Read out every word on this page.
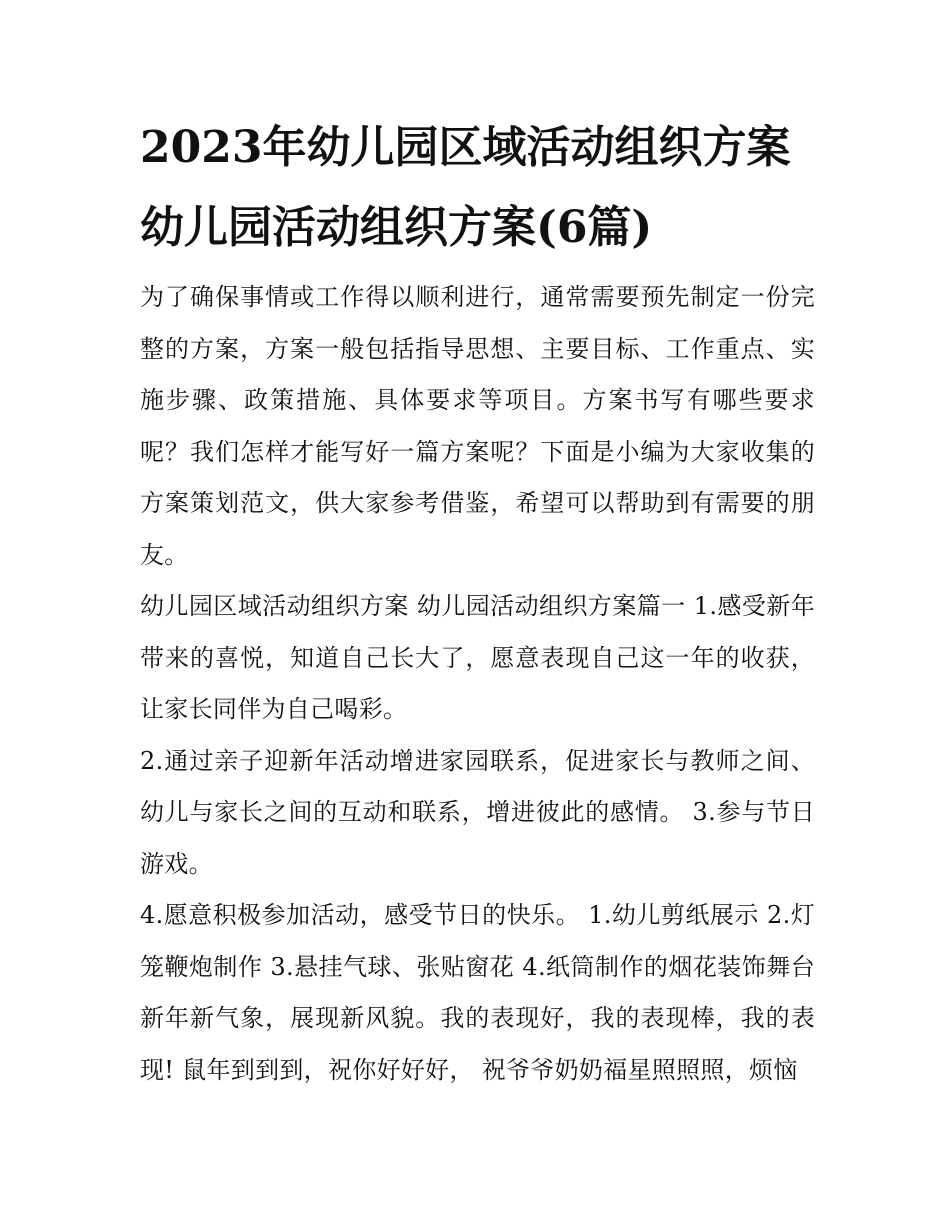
2023年幼儿园区域活动组织方案 幼儿园活动组织方案(6篇)

为了确保事情或工作得以顺利进行，通常需要预先制定一份完整的方案，方案一般包括指导思想、主要目标、工作重点、实施步骤、政策措施、具体要求等项目。方案书写有哪些要求呢？我们怎样才能写好一篇方案呢？下面是小编为大家收集的方案策划范文，供大家参考借鉴，希望可以帮助到有需要的朋友。

幼儿园区域活动组织方案 幼儿园活动组织方案篇一 1.感受新年带来的喜悦，知道自己长大了，愿意表现自己这一年的收获，让家长同伴为自己喝彩。

2.通过亲子迎新年活动增进家园联系，促进家长与教师之间、幼儿与家长之间的互动和联系，增进彼此的感情。 3.参与节日游戏。

4.愿意积极参加活动，感受节日的快乐。 1.幼儿剪纸展示 2.灯笼鞭炮制作 3.悬挂气球、张贴窗花 4.纸筒制作的烟花装饰舞台新年新气象，展现新风貌。我的表现好，我的表现棒，我的表现! 鼠年到到到，祝你好好好， 祝爷爷奶奶福星照照照，烦恼
